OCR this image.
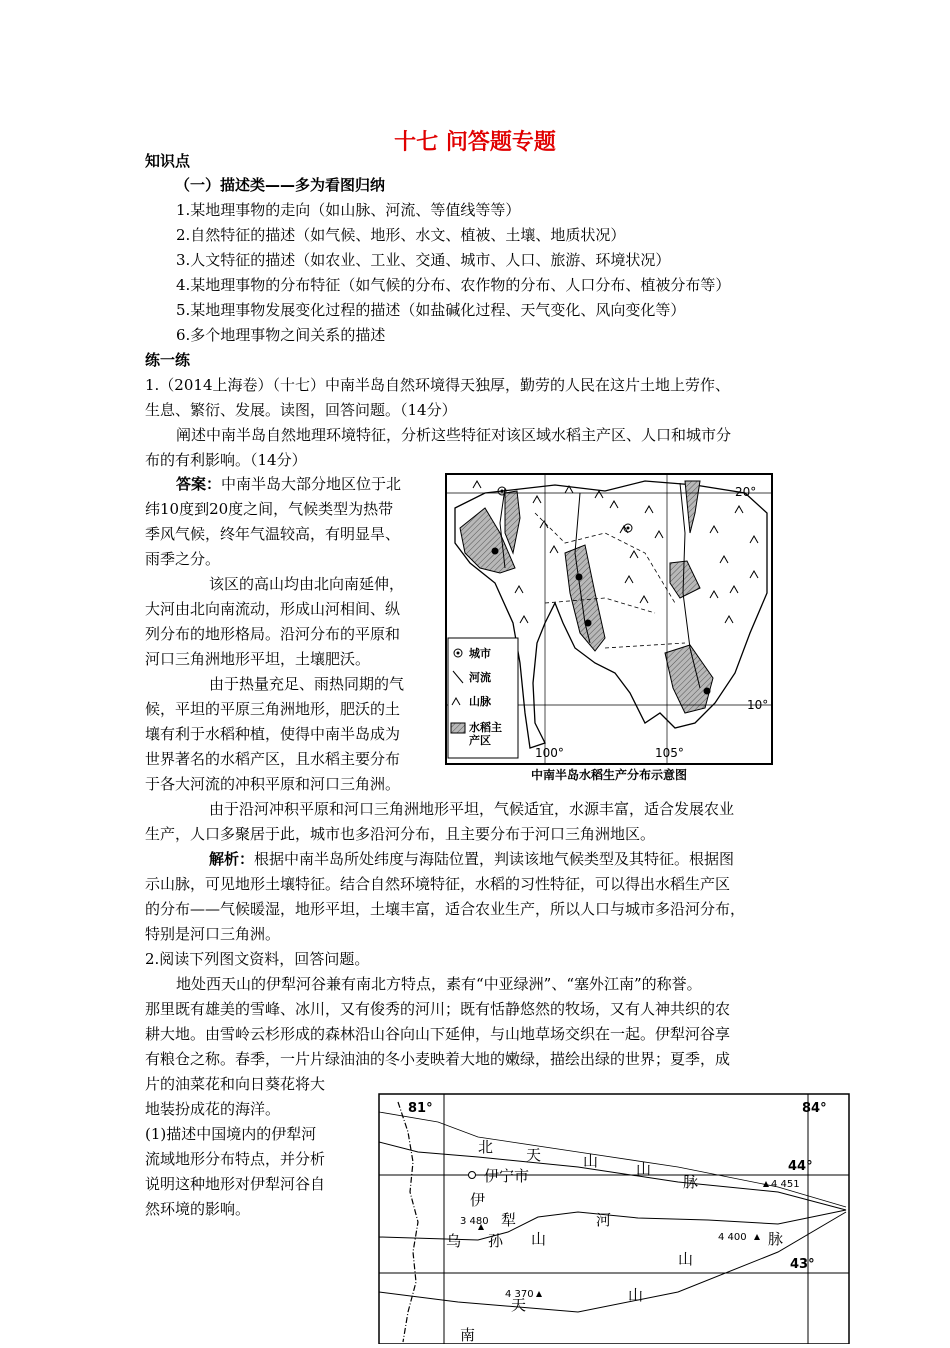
十七 问答题专题
知识点
（一）描述类——多为看图归纳
1.某地理事物的走向（如山脉、河流、等值线等等）
2.自然特征的描述（如气候、地形、水文、植被、土壤、地质状况）
3.人文特征的描述（如农业、工业、交通、城市、人口、旅游、环境状况）
4.某地理事物的分布特征（如气候的分布、农作物的分布、人口分布、植被分布等）
5.某地理事物发展变化过程的描述（如盐碱化过程、天气变化、风向变化等）
6.多个地理事物之间关系的描述
练一练
1.（2014上海卷）（十七）中南半岛自然环境得天独厚，勤劳的人民在这片土地上劳作、
生息、繁衍、发展。读图，回答问题。（14分）
阐述中南半岛自然地理环境特征，分析这些特征对该区域水稻主产区、人口和城市分
布的有利影响。（14分）
答案：中南半岛大部分地区位于北
纬10度到20度之间，气候类型为热带
季风气候，终年气温较高，有明显旱、
雨季之分。
该区的高山均由北向南延伸，
大河由北向南流动，形成山河相间、纵
列分布的地形格局。沿河分布的平原和
河口三角洲地形平坦，土壤肥沃。
由于热量充足、雨热同期的气
候，平坦的平原三角洲地形，肥沃的土
壤有利于水稻种植，使得中南半岛成为
世界著名的水稻产区，且水稻主要分布
于各大河流的冲积平原和河口三角洲。
由于沿河冲积平原和河口三角洲地形平坦，气候适宜，水源丰富，适合发展农业
生产，人口多聚居于此，城市也多沿河分布，且主要分布于河口三角洲地区。
解析：根据中南半岛所处纬度与海陆位置，判读该地气候类型及其特征。根据图
示山脉，可见地形土壤特征。结合自然环境特征，水稻的习性特征，可以得出水稻生产区
的分布——气候暖湿，地形平坦，土壤丰富，适合农业生产，所以人口与城市多沿河分布，
特别是河口三角洲。
2.阅读下列图文资料，回答问题。
地处西天山的伊犁河谷兼有南北方特点，素有“中亚绿洲”、“塞外江南”的称誉。
那里既有雄美的雪峰、冰川，又有俊秀的河川；既有恬静悠然的牧场，又有人神共织的农
耕大地。由雪岭云杉形成的森林沿山谷向山下延伸，与山地草场交织在一起。伊犁河谷享
有粮仓之称。春季，一片片绿油油的冬小麦映着大地的嫩绿，描绘出绿的世界；夏季，成
片的油菜花和向日葵花将大
地装扮成花的海洋。
(1)描述中国境内的伊犁河
流域地形分布特点，并分析
说明这种地形对伊犁河谷自
然环境的影响。
城市
河流
山脉
水稻主
产区
20°
10°
100°	105°
中南半岛水稻生产分布示意图
北 天	山	山
脉
伊宁市
伊
犁	河
乌 孙 山
南
天
山
山
脉
4 451
3 480
4 400
4 370
81°	84°
44°
43°
